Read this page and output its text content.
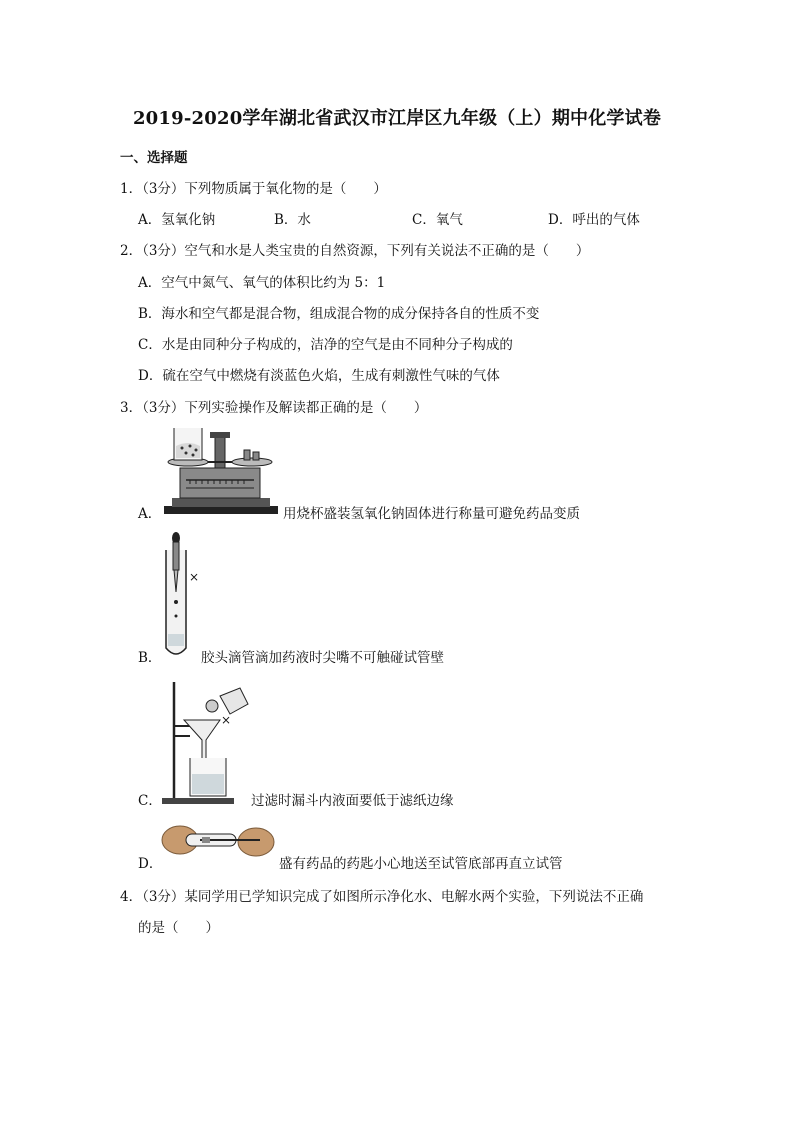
2019-2020学年湖北省武汉市江岸区九年级（上）期中化学试卷
一、选择题
1．（3分）下列物质属于氧化物的是（　　）
A．氢氧化钠	B．水	C．氧气	D．呼出的气体
2．（3分）空气和水是人类宝贵的自然资源，下列有关说法不正确的是（　　）
A．空气中氮气、氧气的体积比约为 5：1
B．海水和空气都是混合物，组成混合物的成分保持各自的性质不变
C．水是由同种分子构成的，洁净的空气是由不同种分子构成的
D．硫在空气中燃烧有淡蓝色火焰，生成有刺激性气味的气体
3．（3分）下列实验操作及解读都正确的是（　　）
A．	用烧杯盛装氢氧化钠固体进行称量可避免药品变质
×
B．	胶头滴管滴加药液时尖嘴不可触碰试管壁
×
C．	过滤时漏斗内液面要低于滤纸边缘
D．	盛有药品的药匙小心地送至试管底部再直立试管
4．（3分）某同学用已学知识完成了如图所示净化水、电解水两个实验，下列说法不正确
的是（　　）
